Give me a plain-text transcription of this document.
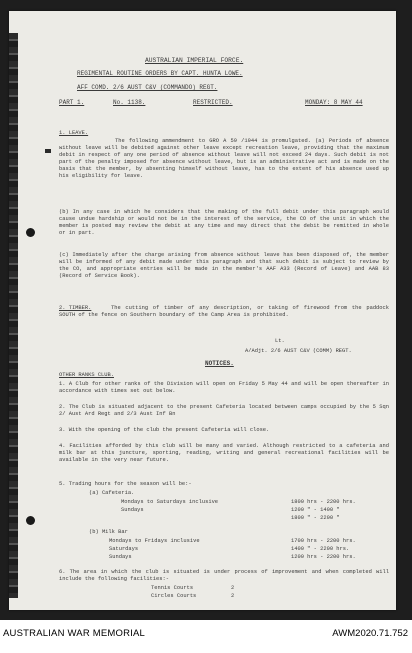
AUSTRALIAN IMPERIAL FORCE.
REGIMENTAL ROUTINE ORDERS BY CAPT. HUNTA LOWE.
AFF COMD. 2/6 AUST C&V (COMMANDO) REGT.
PART 1.	No. 1138.	RESTRICTED.	MONDAY: 8 MAY 44
1. LEAVE.

The following ammendment to GRO A 59 /1944 is promulgated. (a) Periods of absence without leave will be debited against other leave except recreation leave, providing that the maximum debit in respect of any one period of absence without leave will not exceed 24 days. Such debit is not part of the penalty imposed for absence without leave, but is an administrative act and is made on the basis that the member, by absenting himself without leave, has to the extent of his absence used up his eligibility for leave.

(b) In any case in which he considers that the making of the full debit under this paragraph would cause undue hardship or would not be in the interest of the service, the CO of the unit in which the member is posted may review the debit at any time and may direct that the debit be remitted in whole or in part.

(c) Immediately after the charge arising from absence without leave has been disposed of, the member will be informed of any debit made under this paragraph and that such debit is subject to review by the CO, and appropriate entries will be made in the member's AAF A33 (Record of Leave) and AAB 83 (Record of Service Book).

2. TIMBER.	The cutting of timber of any description, or taking of firewood from the paddock SOUTH of the fence on Southern boundary of the Camp Area is prohibited.

Lt.
A/Adjt. 2/6 AUST C&V (COMM) REGT.
NOTICES.
OTHER RANKS CLUB.

1. A Club for other ranks of the Division will open on Friday 5 May 44 and will be open thereafter in accordance with times set out below.

2. The Club is situated adjacent to the present Cafeteria located between camps occupied by the 5 Sqn 2/ Aust Ard Regt and 2/3 Aust Inf Bn

3. With the opening of the club the present Cafeteria will close.

4. Facilities afforded by this club will be many and varied. Although restricted to a cafeteria and milk bar at this juncture, sporting, reading, writing and general recreational facilities will be available in the very near future.

5. Trading hours for the season will be:-

(a) Cafeteria.
Mondays to Saturdays inclusive	1800 hrs - 2200 hrs.
Sundays	1200 " - 1400 "
1800 " - 2200 "
(b) Milk Bar
Mondays to Fridays inclusive	1700 hrs - 2200 hrs.
Saturdays	1400 " - 2200 hrs.
Sundays	1200 hrs - 2200 hrs.

6. The area in which the club is situated is under process of improvement and when completed will include the following facilities:-

Tennis Courts	2
Circles Courts	2
AUSTRALIAN WAR MEMORIAL	AWM2020.71.752
